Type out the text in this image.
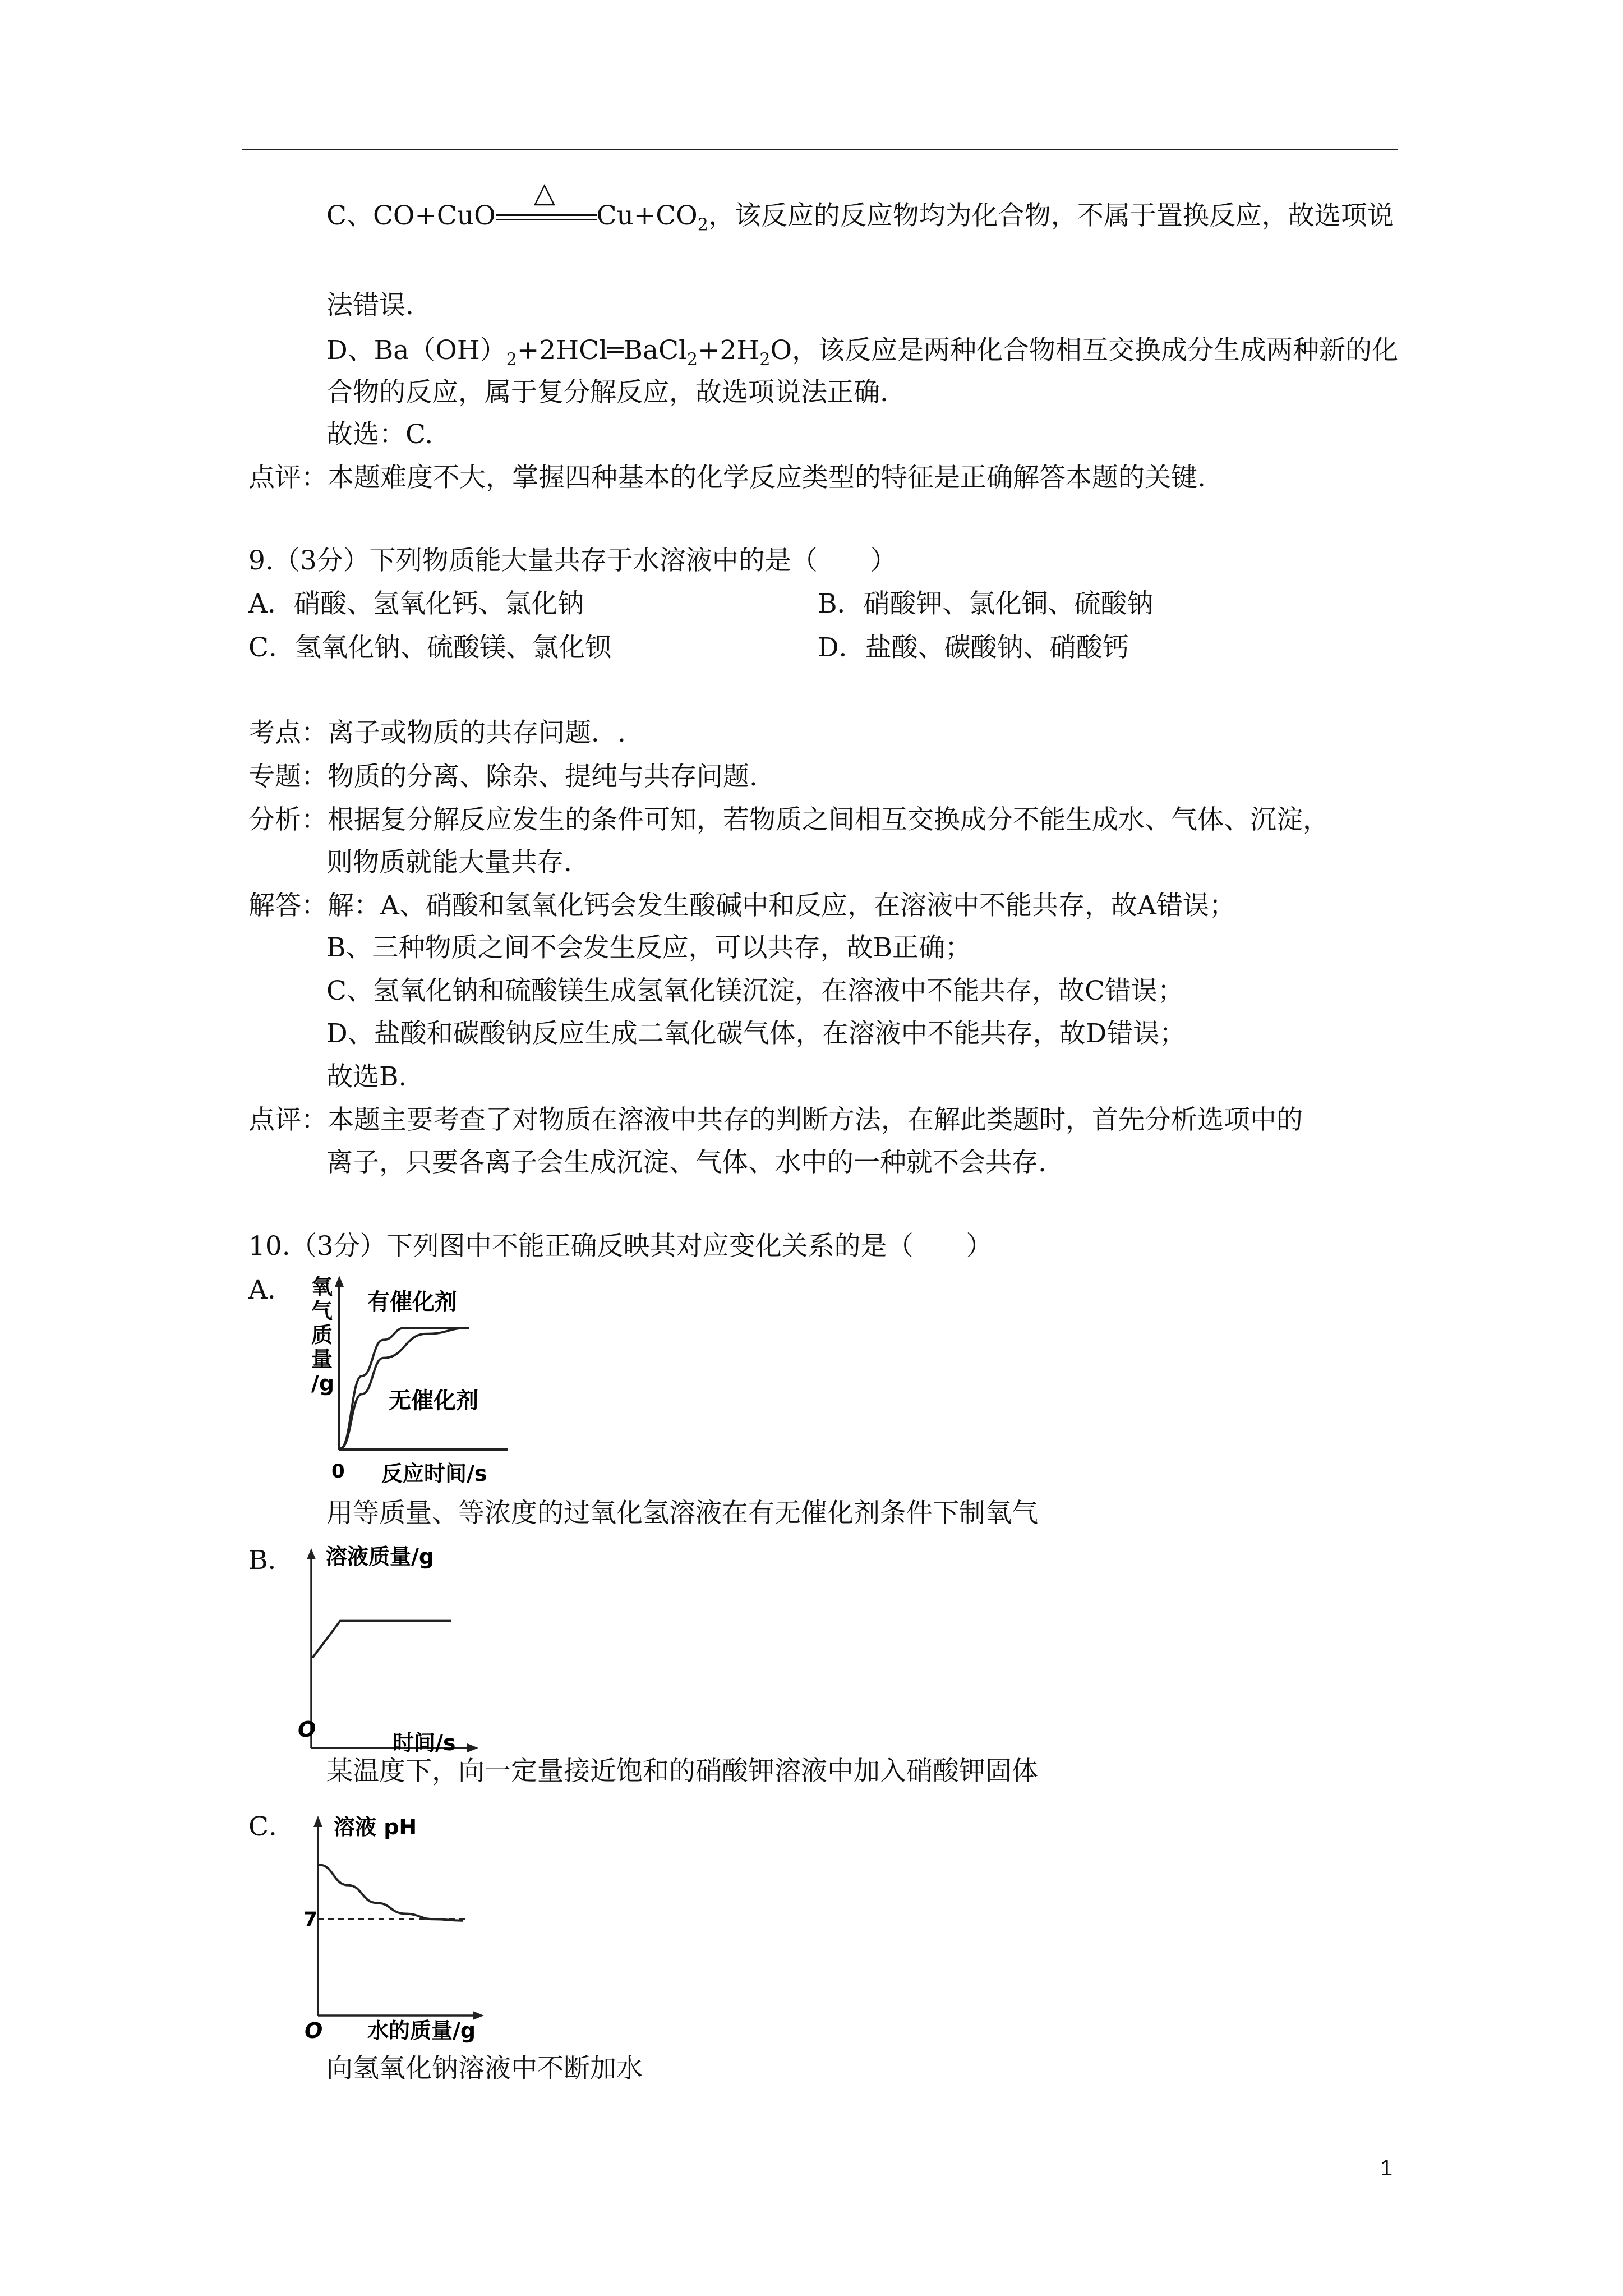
C、CO+CuO
△
$Cu+CO_2$，该反应的反应物均为化合物，不属于置换反应，故选项说
法错误.
D、$Ba(OH)_2+2HCl═BaCl_2+2H_2O$，该反应是两种化合物相互交换成分生成两种新的化
合物的反应，属于复分解反应，故选项说法正确.
故选：C.
点评：本题难度不大，掌握四种基本的化学反应类型的特征是正确解答本题的关键.
9.（3分）下列物质能大量共存于水溶液中的是（　　）
A．硝酸、氢氧化钙、氯化钠	B．硝酸钾、氯化铜、硫酸钠
C．氢氧化钠、硫酸镁、氯化钡	D．盐酸、碳酸钠、硝酸钙
考点：离子或物质的共存问题．.
专题：物质的分离、除杂、提纯与共存问题.
分析：根据复分解反应发生的条件可知，若物质之间相互交换成分不能生成水、气体、沉淀，
则物质就能大量共存.
解答：解：A、硝酸和氢氧化钙会发生酸碱中和反应，在溶液中不能共存，故A错误；
B、三种物质之间不会发生反应，可以共存，故B正确；
C、氢氧化钠和硫酸镁生成氢氧化镁沉淀，在溶液中不能共存，故C错误；
D、盐酸和碳酸钠反应生成二氧化碳气体，在溶液中不能共存，故D错误；
故选B.
点评：本题主要考查了对物质在溶液中共存的判断方法，在解此类题时，首先分析选项中的
离子，只要各离子会生成沉淀、气体、水中的一种就不会共存.
10.（3分）下列图中不能正确反映其对应变化关系的是（　　）
A． 氧
气
质
量
/g
0 反应时间/s
有催化剂
无催化剂
用等质量、等浓度的过氧化氢溶液在有无催化剂条件下制氧气
B． 溶液质量/g
O
时间/s
某温度下，向一定量接近饱和的硝酸钾溶液中加入硝酸钾固体
C． 溶液 pH
O 水的质量/g
7
向氢氧化钠溶液中不断加水
1
